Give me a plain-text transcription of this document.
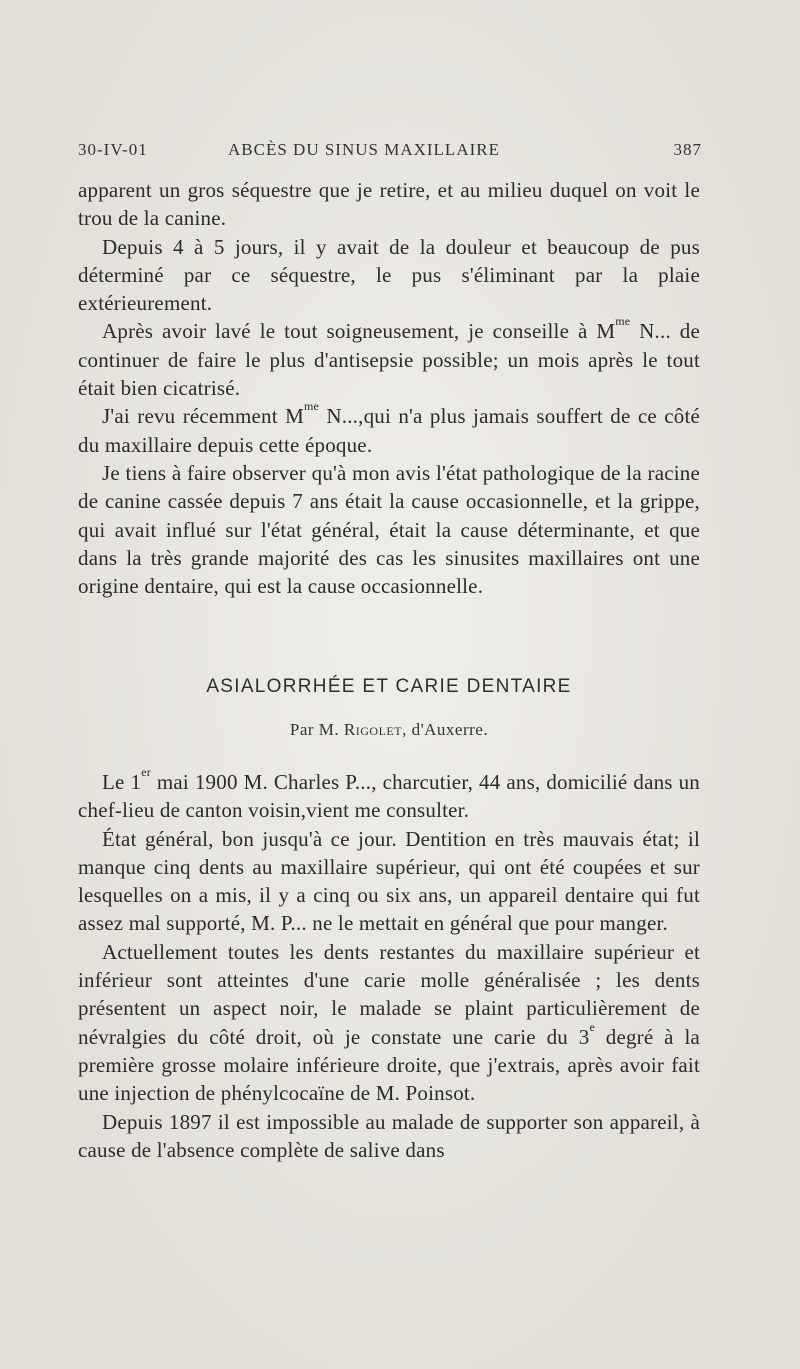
30-IV-01	ABCÈS DU SINUS MAXILLAIRE	387

apparent un gros séquestre que je retire, et au milieu duquel on voit le trou de la canine.

Depuis 4 à 5 jours, il y avait de la douleur et beaucoup de pus déterminé par ce séquestre, le pus s'éliminant par la plaie extérieurement.

Après avoir lavé le tout soigneusement, je conseille à $M^{me}$ N... de continuer de faire le plus d'antisepsie possible; un mois après le tout était bien cicatrisé.

J'ai revu récemment $M^{me}$ N...,qui n'a plus jamais souffert de ce côté du maxillaire depuis cette époque.

Je tiens à faire observer qu'à mon avis l'état pathologique de la racine de canine cassée depuis 7 ans était la cause occasionnelle, et la grippe, qui avait influé sur l'état général, était la cause déterminante, et que dans la très grande majorité des cas les sinusites maxillaires ont une origine dentaire, qui est la cause occasionnelle.

ASIALORRHÉE ET CARIE DENTAIRE
Par M. Rigolet, d'Auxerre.

Le 1er mai 1900 M. Charles P..., charcutier, 44 ans, domicilié dans un chef-lieu de canton voisin,vient me consulter.

État général, bon jusqu'à ce jour. Dentition en très mauvais état; il manque cinq dents au maxillaire supérieur, qui ont été coupées et sur lesquelles on a mis, il y a cinq ou six ans, un appareil dentaire qui fut assez mal supporté, M. P... ne le mettait en général que pour manger.

Actuellement toutes les dents restantes du maxillaire supérieur et inférieur sont atteintes d'une carie molle généralisée ; les dents présentent un aspect noir, le malade se plaint particulièrement de névralgies du côté droit, où je constate une carie du 3e degré à la première grosse molaire inférieure droite, que j'extrais, après avoir fait une injection de phénylcocaïne de M. Poinsot.

Depuis 1897 il est impossible au malade de supporter son appareil, à cause de l'absence complète de salive dans
